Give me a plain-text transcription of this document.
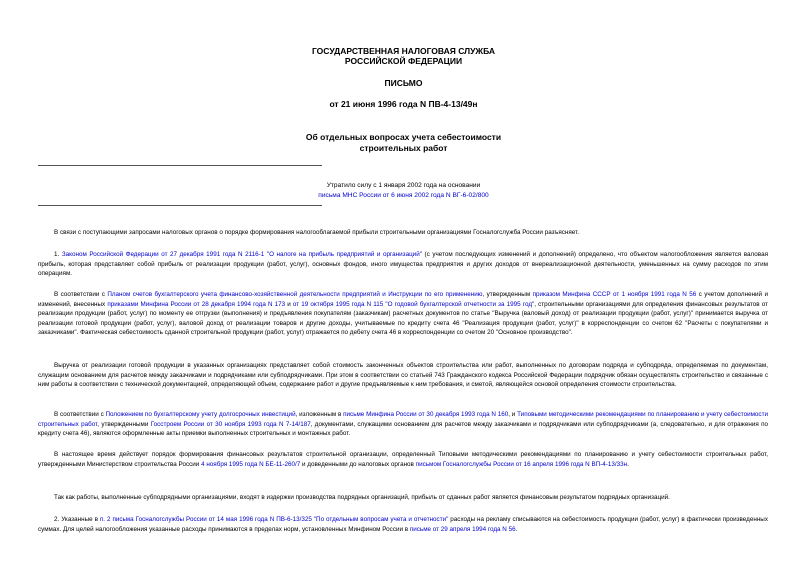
ГОСУДАРСТВЕННАЯ НАЛОГОВАЯ СЛУЖБА
РОССИЙСКОЙ ФЕДЕРАЦИИ
ПИСЬМО
от 21 июня 1996 года N ПВ-4-13/49н
Об отдельных вопросах учета себестоимости
строительных работ
Утратило силу с 1 января 2002 года на основании
письма МНС России от 6 июня 2002 года N ВГ-6-02/800

В связи с поступающими запросами налоговых органов о порядке формирования налогооблагаемой прибыли строительными организациями Госналогслужба России разъясняет.

1. Законом Российской Федерации от 27 декабря 1991 года N 2116-1 "О налоге на прибыль предприятий и организаций" (с учетом последующих изменений и дополнений) определено, что объектом налогообложения является валовая прибыль, которая представляет собой прибыль от реализации продукции (работ, услуг), основных фондов, иного имущества предприятия и других доходов от внереализационной деятельности, уменьшенных на сумму расходов по этим операциям.

В соответствии с Планом счетов бухгалтерского учета финансово-хозяйственной деятельности предприятий и Инструкции по его применению, утвержденным приказом Минфина СССР от 1 ноября 1991 года N 56 с учетом дополнений и изменений, внесенных приказами Минфина России от 28 декабря 1994 года N 173 и от 19 октября 1995 года N 115 "О годовой бухгалтерской отчетности за 1995 год", строительными организациями для определения финансовых результатов от реализации продукции (работ, услуг) по моменту ее отгрузки (выполнения) и предъявления покупателям (заказчикам) расчетных документов по статье "Выручка (валовый доход) от реализации продукции (работ, услуг)" принимается выручка от реализации готовой продукции (работ, услуг), валовой доход от реализации товаров и другие доходы, учитываемые по кредиту счета 46 "Реализация продукции (работ, услуг)" в корреспонденции со счетом 62 "Расчеты с покупателями и заказчиками". Фактическая себестоимость сданной строительной продукции (работ, услуг) отражается по дебету счета 46 в корреспонденции со счетом 20 "Основное производство".

Выручка от реализации готовой продукции в указанных организациях представляет собой стоимость законченных объектов строительства или работ, выполненных по договорам подряда и субподряда, определяемая по документам, служащим основанием для расчетов между заказчиками и подрядчиками или субподрядчиками. При этом в соответствии со статьей 743 Гражданского кодекса Российской Федерации подрядчик обязан осуществлять строительство и связанные с ним работы в соответствии с технической документацией, определяющей объем, содержание работ и другие предъявляемые к ним требования, и сметой, являющейся основой определения стоимости строительства.

В соответствии с Положением по бухгалтерскому учету долгосрочных инвестиций, изложенным в письме Минфина России от 30 декабря 1993 года N 160, и Типовыми методическими рекомендациями по планированию и учету себестоимости строительных работ, утвержденными Госстроем России от 30 ноября 1993 года N 7-14/187, документами, служащими основанием для расчетов между заказчиками и подрядчиками или субподрядчиками (а, следовательно, и для отражения по кредиту счета 46), являются оформленные акты приемки выполненных строительных и монтажных работ.

В настоящее время действует порядок формирования финансовых результатов строительной организации, определенный Типовыми методическими рекомендациями по планированию и учету себестоимости строительных работ, утвержденными Министерством строительства России 4 ноября 1995 года N БЕ-11-260/7 и доведенными до налоговых органов письмом Госналогслужбы России от 16 апреля 1996 года N ВП-4-13/33н.

Так как работы, выполненные субподрядными организациями, входят в издержки производства подрядных организаций, прибыль от сданных работ является финансовым результатом подрядных организаций.

2. Указанные в п. 2 письма Госналогслужбы России от 14 мая 1996 года N ПВ-6-13/325 "По отдельным вопросам учета и отчетности" расходы на рекламу списываются на себестоимость продукции (работ, услуг) в фактически произведенных суммах. Для целей налогообложения указанные расходы принимаются в пределах норм, установленных Минфином России в письме от 29 апреля 1994 года N 56.
